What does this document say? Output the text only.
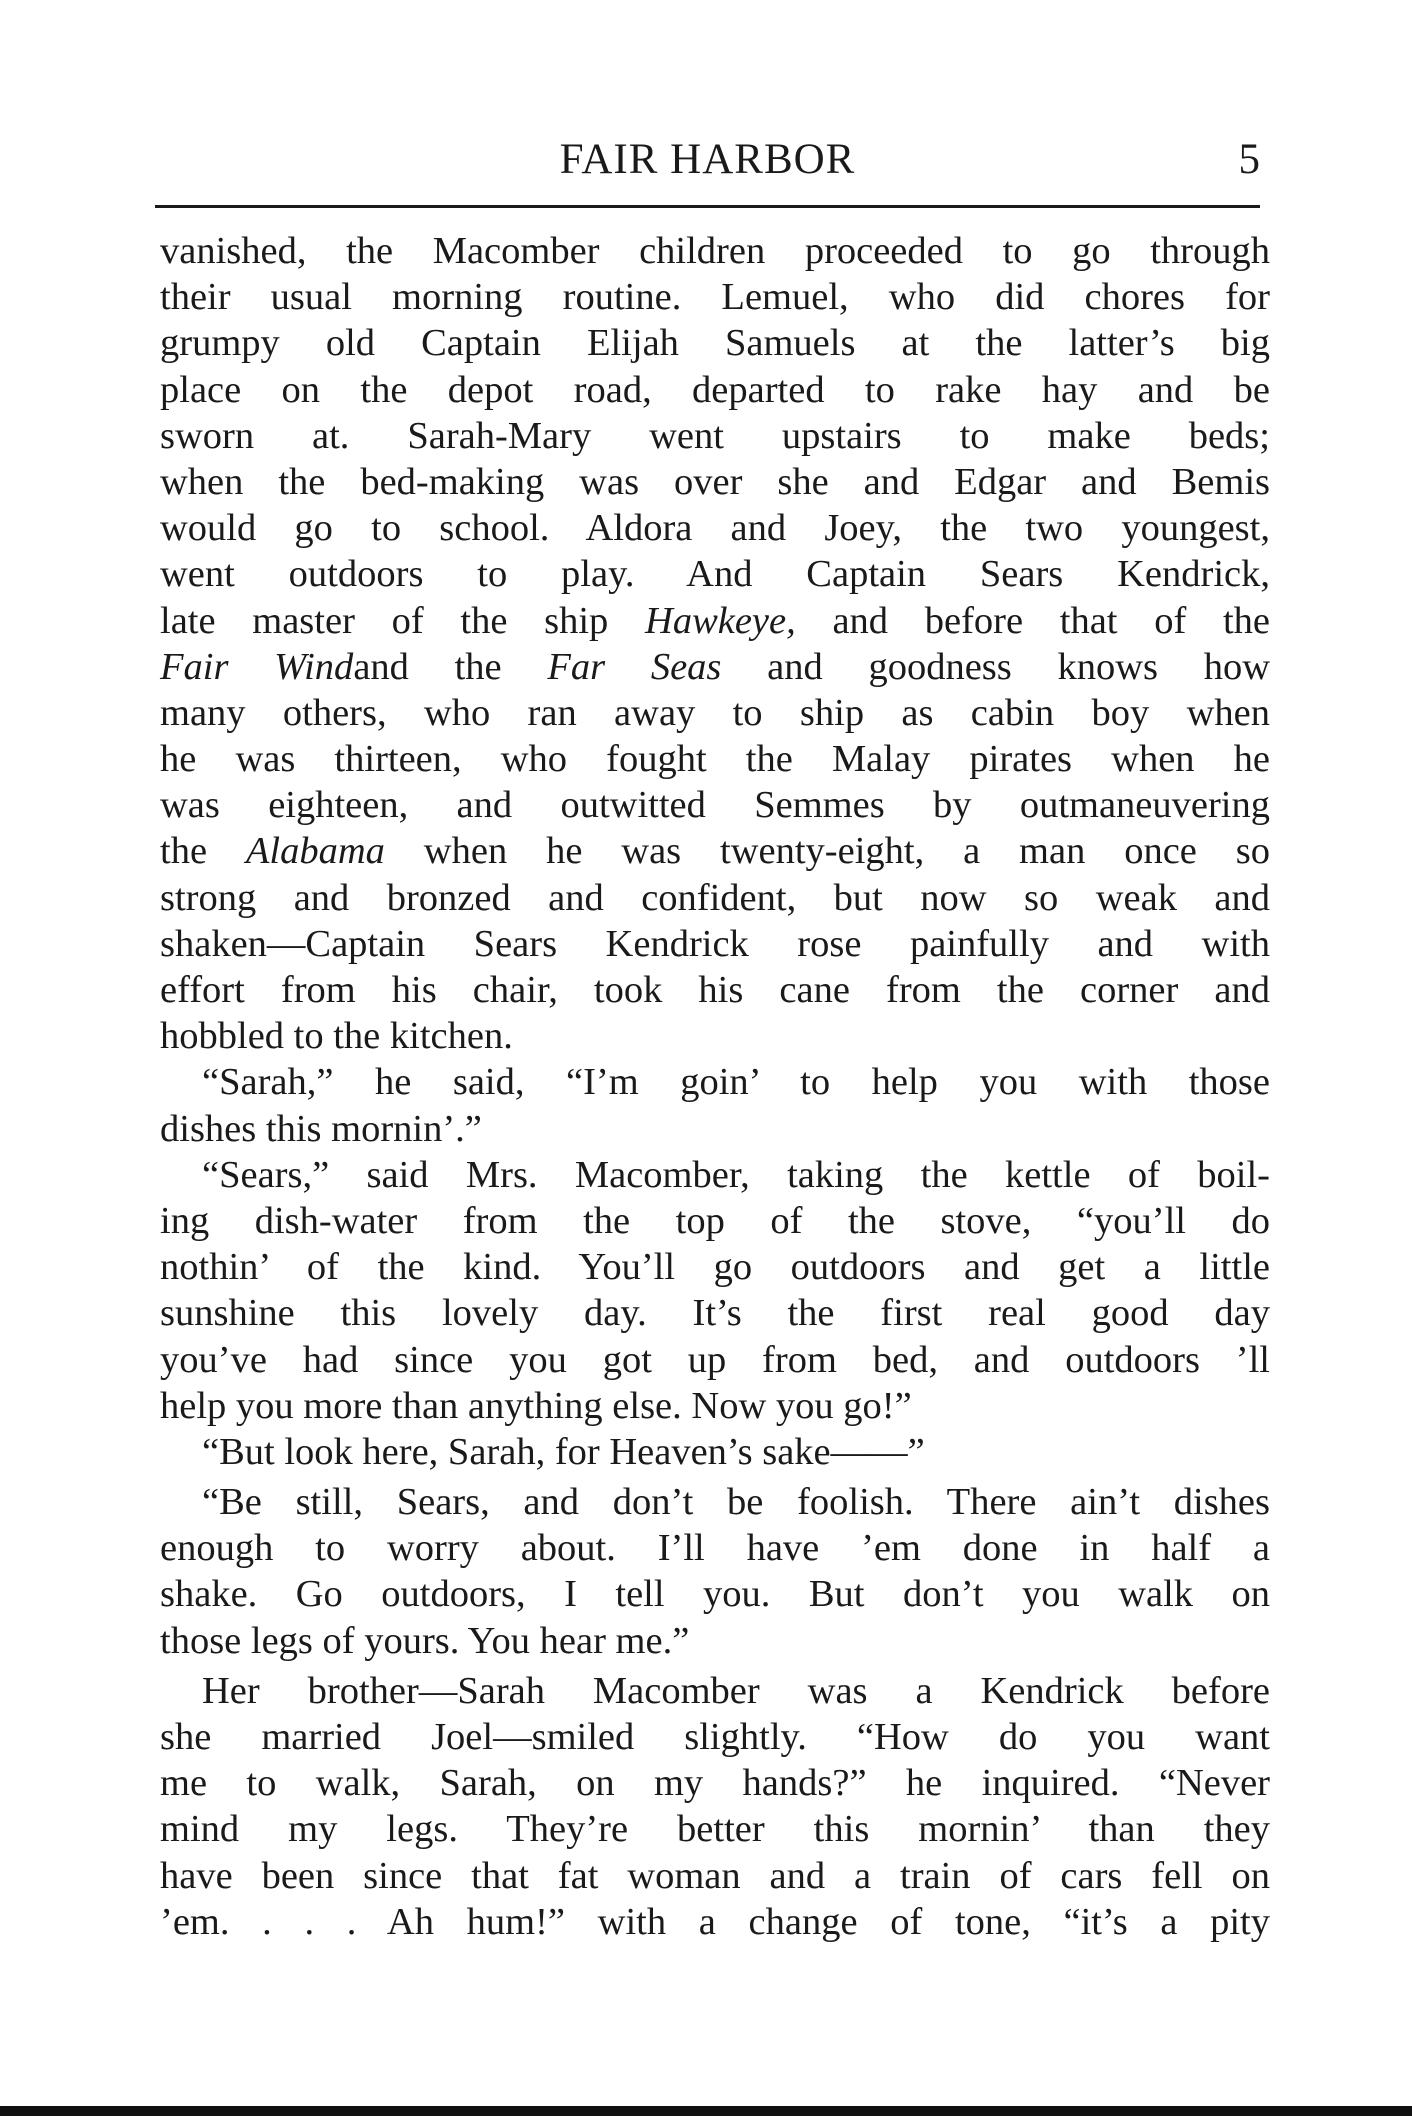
FAIR HARBOR	5
vanished, the Macomber children proceeded to go through
their usual morning routine. Lemuel, who did chores for
grumpy old Captain Elijah Samuels at the latter’s big
place on the depot road, departed to rake hay and be
sworn at. Sarah-Mary went upstairs to make beds;
when the bed-making was over she and Edgar and Bemis
would go to school. Aldora and Joey, the two youngest,
went outdoors to play. And Captain Sears Kendrick,
late master of the ship Hawkeye, and before that of the
Fair Windand the Far Seas and goodness knows how
many others, who ran away to ship as cabin boy when
he was thirteen, who fought the Malay pirates when he
was eighteen, and outwitted Semmes by outmaneuvering
the Alabama when he was twenty-eight, a man once so
strong and bronzed and confident, but now so weak and
shaken—Captain Sears Kendrick rose painfully and with
effort from his chair, took his cane from the corner and
hobbled to the kitchen.
“Sarah,” he said, “I’m goin’ to help you with those
dishes this mornin’.”
“Sears,” said Mrs. Macomber, taking the kettle of boil-
ing dish-water from the top of the stove, “you’ll do
nothin’ of the kind. You’ll go outdoors and get a little
sunshine this lovely day. It’s the first real good day
you’ve had since you got up from bed, and outdoors ’ll
help you more than anything else. Now you go!”
“But look here, Sarah, for Heaven’s sake——”
“Be still, Sears, and don’t be foolish. There ain’t dishes
enough to worry about. I’ll have ’em done in half a
shake. Go outdoors, I tell you. But don’t you walk on
those legs of yours. You hear me.”
Her brother—Sarah Macomber was a Kendrick before
she married Joel—smiled slightly. “How do you want
me to walk, Sarah, on my hands?” he inquired. “Never
mind my legs. They’re better this mornin’ than they
have been since that fat woman and a train of cars fell on
’em. . . . Ah hum!” with a change of tone, “it’s a pity
